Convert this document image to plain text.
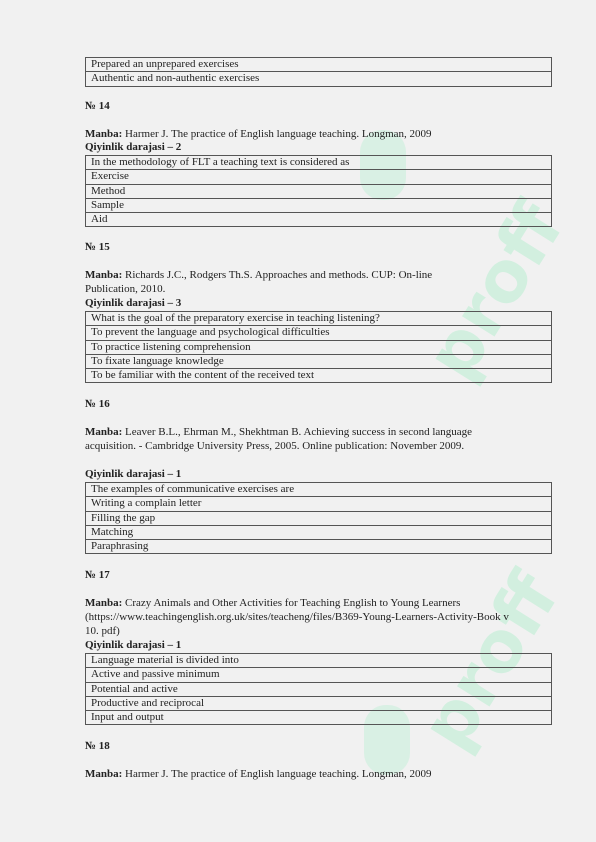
proff
proff
Prepared an unprepared exercises
Authentic and non-authentic exercises
№ 14
Manba: Harmer J. The practice of English language teaching. Longman, 2009
Qiyinlik darajasi – 2
In the methodology of FLT a teaching text is considered as
Exercise
Method
Sample
Aid
№ 15
Manba: Richards J.C., Rodgers Th.S. Approaches and methods. CUP: On-line Publication, 2010.
Qiyinlik darajasi – 3
What is the goal of the preparatory exercise in teaching listening?
To prevent the language and psychological difficulties
To practice listening comprehension
To fixate language knowledge
To be familiar with the content of the received text
№ 16
Manba: Leaver B.L., Ehrman M., Shekhtman B. Achieving success in second language acquisition. - Cambridge University Press, 2005. Online publication: November 2009.
Qiyinlik darajasi – 1
The examples of communicative exercises are
Writing a complain letter
Filling the gap
Matching
Paraphrasing
№ 17
Manba: Crazy Animals and Other Activities for Teaching English to Young Learners (https://www.teachingenglish.org.uk/sites/teacheng/files/B369-Young-Learners-Activity-Book v 10. pdf)
Qiyinlik darajasi – 1
Language material is divided into
Active and passive minimum
Potential and active
Productive and reciprocal
Input and output
№ 18
Manba: Harmer J. The practice of English language teaching. Longman, 2009
